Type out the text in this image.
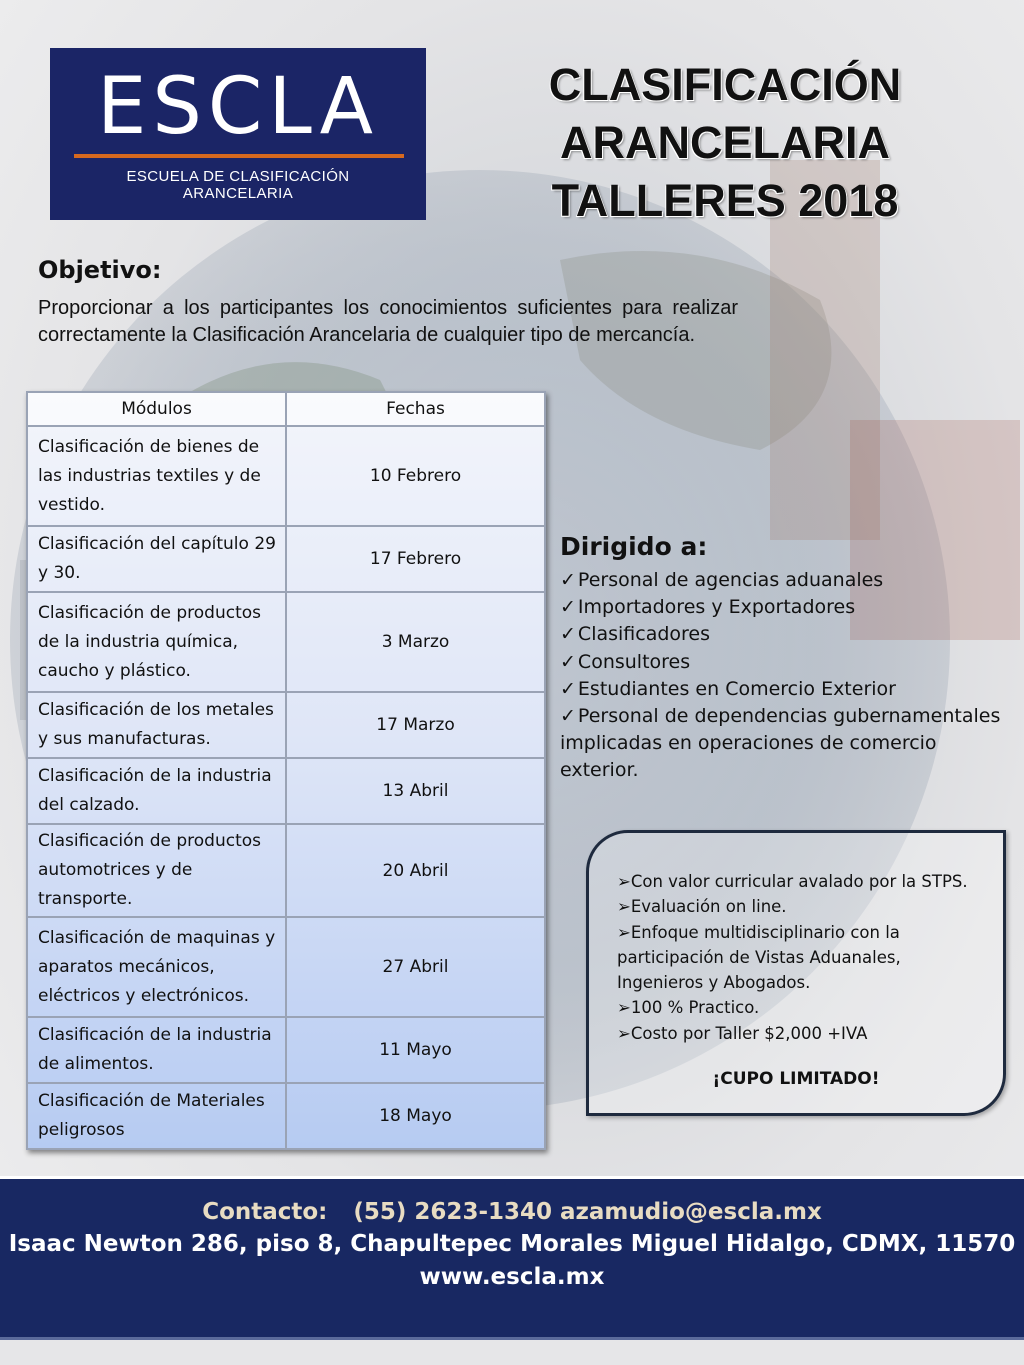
ESCLA
ESCUELA DE CLASIFICACIÓN ARANCELARIA
CLASIFICACIÓN
ARANCELARIA
TALLERES 2018
Objetivo:
Proporcionar a los participantes los conocimientos suficientes para realizar correctamente la Clasificación Arancelaria de cualquier tipo de mercancía.
Módulos	Fechas
Clasificación de bienes de las industrias textiles y de vestido.	10 Febrero
Clasificación del capítulo 29 y 30.	17 Febrero
Clasificación de productos de la industria química, caucho y plástico.	3 Marzo
Clasificación de los metales y sus manufacturas.	17 Marzo
Clasificación de la industria del calzado.	13 Abril
Clasificación de productos automotrices y de transporte.	20 Abril
Clasificación de maquinas y aparatos mecánicos, eléctricos y electrónicos.	27 Abril
Clasificación de la industria de alimentos.	11 Mayo
Clasificación de Materiales peligrosos	18 Mayo
Dirigido a:
✓ Personal de agencias aduanales
✓ Importadores y Exportadores
✓ Clasificadores
✓ Consultores
✓ Estudiantes en Comercio Exterior
✓ Personal de dependencias gubernamentales implicadas en operaciones de comercio exterior.
➢Con valor curricular avalado por la STPS.
➢Evaluación on line.
➢Enfoque multidisciplinario con la participación de Vistas Aduanales, Ingenieros y Abogados.
➢100 % Practico.
➢Costo por Taller $2,000 +IVA
¡CUPO LIMITADO!
Contacto: (55) 2623-1340 azamudio@escla.mx
Isaac Newton 286, piso 8, Chapultepec Morales Miguel Hidalgo, CDMX, 11570
www.escla.mx
